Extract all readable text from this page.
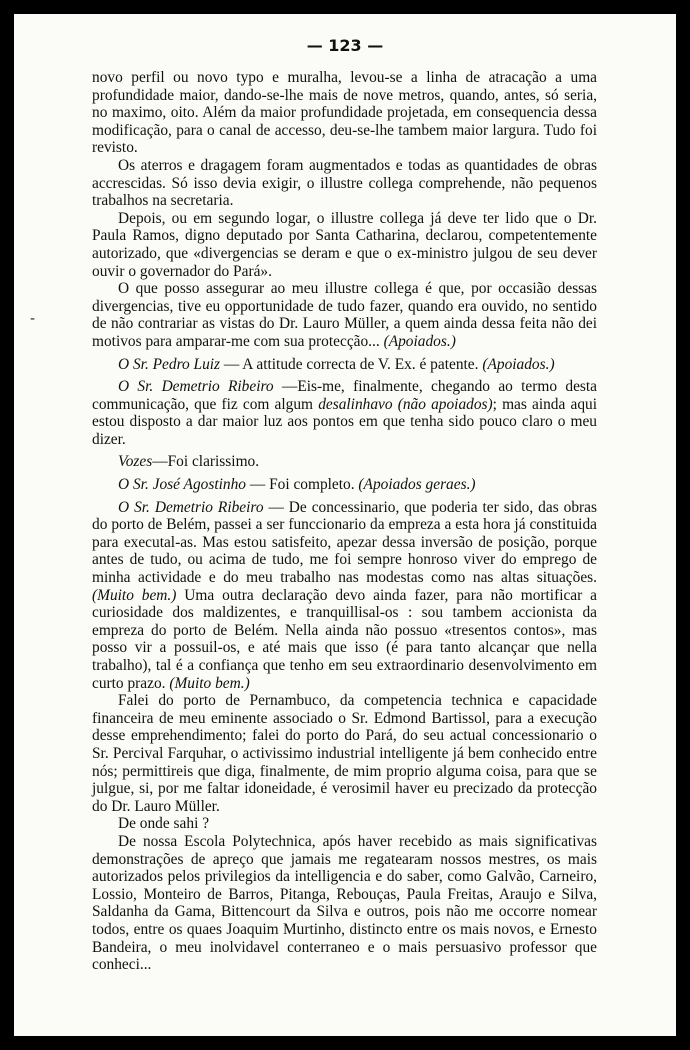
— 123 —
-

novo perfil ou novo typo e muralha, levou-se a linha de atracação a uma profundidade maior, dando-se-lhe mais de nove metros, quando, antes, só seria, no maximo, oito. Além da maior profundidade projetada, em consequencia dessa modificação, para o canal de accesso, deu-se-lhe tambem maior largura. Tudo foi revisto.

Os aterros e dragagem foram augmentados e todas as quantidades de obras accrescidas. Só isso devia exigir, o illustre collega comprehende, não pequenos trabalhos na secretaria.

Depois, ou em segundo logar, o illustre collega já deve ter lido que o Dr. Paula Ramos, digno deputado por Santa Catharina, declarou, competentemente autorizado, que «divergencias se deram e que o ex-ministro julgou de seu dever ouvir o governador do Pará».

O que posso assegurar ao meu illustre collega é que, por occasião dessas divergencias, tive eu opportunidade de tudo fazer, quando era ouvido, no sentido de não contrariar as vistas do Dr. Lauro Müller, a quem ainda dessa feita não dei motivos para amparar-me com sua protecção... (Apoiados.)

O Sr. Pedro Luiz — A attitude correcta de V. Ex. é patente. (Apoiados.)

O Sr. Demetrio Ribeiro —Eis-me, finalmente, chegando ao termo desta communicação, que fiz com algum desalinhavo (não apoiados); mas ainda aqui estou disposto a dar maior luz aos pontos em que tenha sido pouco claro o meu dizer.

Vozes—Foi clarissimo.

O Sr. José Agostinho — Foi completo. (Apoiados geraes.)

O Sr. Demetrio Ribeiro — De concessinario, que poderia ter sido, das obras do porto de Belém, passei a ser funccionario da empreza a esta hora já constituida para executal-as. Mas estou satisfeito, apezar dessa inversão de posição, porque antes de tudo, ou acima de tudo, me foi sempre honroso viver do emprego de minha actividade e do meu trabalho nas modestas como nas altas situações. (Muito bem.) Uma outra declaração devo ainda fazer, para não mortificar a curiosidade dos maldizentes, e tranquillisal-os : sou tambem accionista da empreza do porto de Belém. Nella ainda não possuo «tresentos contos», mas posso vir a possuil-os, e até mais que isso (é para tanto alcançar que nella trabalho), tal é a confiança que tenho em seu extraordinario desenvolvimento em curto prazo. (Muito bem.)

Falei do porto de Pernambuco, da competencia technica e capacidade financeira de meu eminente associado o Sr. Edmond Bartissol, para a execução desse emprehendimento; falei do porto do Pará, do seu actual concessionario o Sr. Percival Farquhar, o activissimo industrial intelligente já bem conhecido entre nós; permittireis que diga, finalmente, de mim proprio alguma coisa, para que se julgue, si, por me faltar idoneidade, é verosimil haver eu precizado da protecção do Dr. Lauro Müller.

De onde sahi ?

De nossa Escola Polytechnica, após haver recebido as mais significativas demonstrações de apreço que jamais me regatearam nossos mestres, os mais autorizados pelos privilegios da intelligencia e do saber, como Galvão, Carneiro, Lossio, Monteiro de Barros, Pitanga, Rebouças, Paula Freitas, Araujo e Silva, Saldanha da Gama, Bittencourt da Silva e outros, pois não me occorre nomear todos, entre os quaes Joaquim Murtinho, distincto entre os mais novos, e Ernesto Bandeira, o meu inolvidavel conterraneo e o mais persuasivo professor que conheci...
